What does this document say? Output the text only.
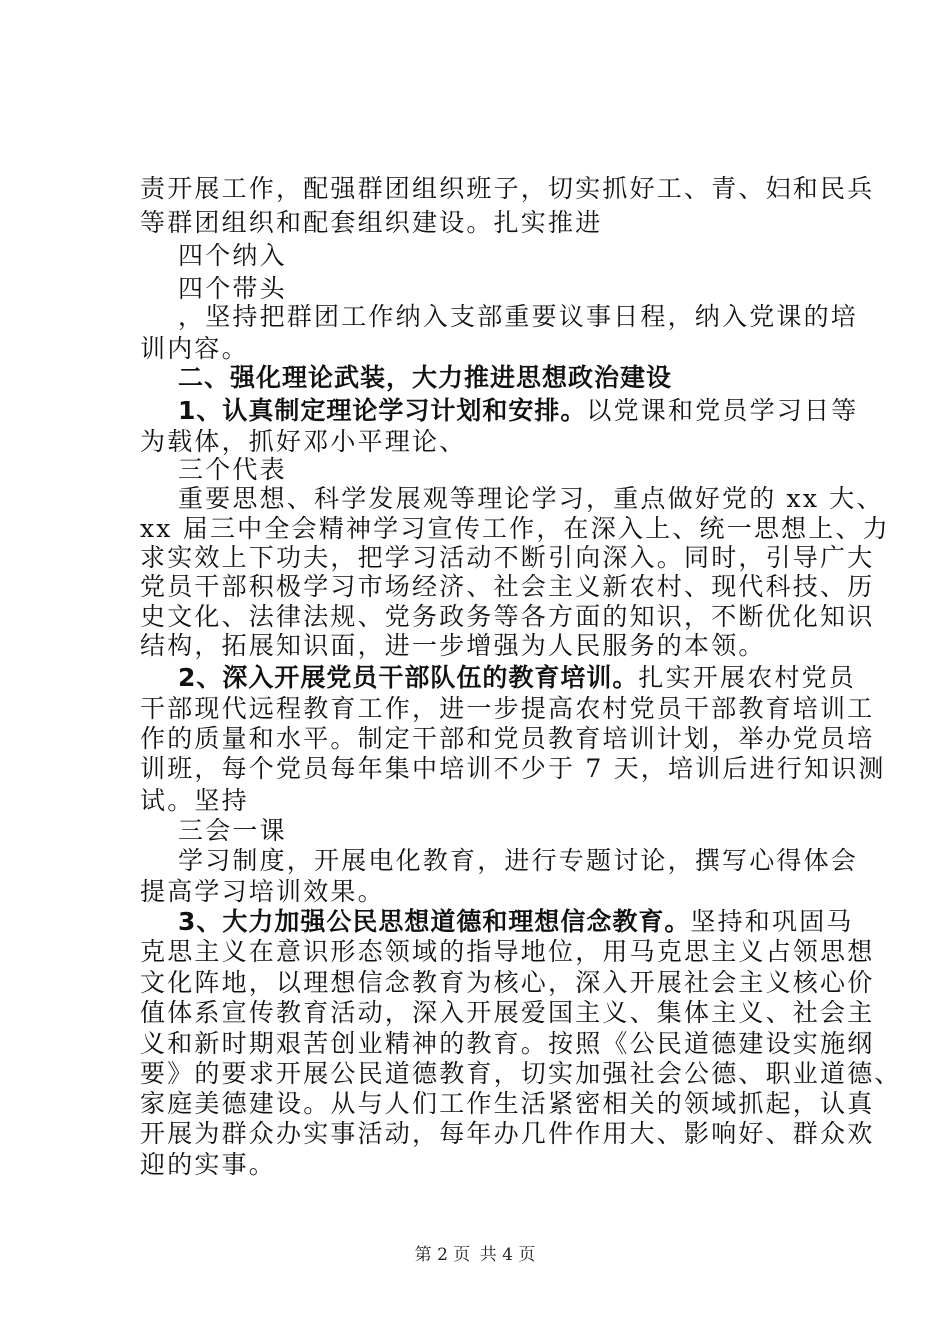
责开展工作，配强群团组织班子，切实抓好工、青、妇和民兵
等群团组织和配套组织建设。扎实推进
四个纳入
四个带头
，坚持把群团工作纳入支部重要议事日程，纳入党课的培
训内容。
二、强化理论武装，大力推进思想政治建设
1、认真制定理论学习计划和安排。以党课和党员学习日等
为载体，抓好邓小平理论、
三个代表
重要思想、科学发展观等理论学习，重点做好党的 xx 大、
xx 届三中全会精神学习宣传工作，在深入上、统一思想上、力
求实效上下功夫，把学习活动不断引向深入。同时，引导广大
党员干部积极学习市场经济、社会主义新农村、现代科技、历
史文化、法律法规、党务政务等各方面的知识，不断优化知识
结构，拓展知识面，进一步增强为人民服务的本领。
2、深入开展党员干部队伍的教育培训。扎实开展农村党员
干部现代远程教育工作，进一步提高农村党员干部教育培训工
作的质量和水平。制定干部和党员教育培训计划，举办党员培
训班，每个党员每年集中培训不少于 7 天，培训后进行知识测
试。坚持
三会一课
学习制度，开展电化教育，进行专题讨论，撰写心得体会
提高学习培训效果。
3、大力加强公民思想道德和理想信念教育。坚持和巩固马
克思主义在意识形态领域的指导地位，用马克思主义占领思想
文化阵地，以理想信念教育为核心，深入开展社会主义核心价
值体系宣传教育活动，深入开展爱国主义、集体主义、社会主
义和新时期艰苦创业精神的教育。按照《公民道德建设实施纲
要》的要求开展公民道德教育，切实加强社会公德、职业道德、
家庭美德建设。从与人们工作生活紧密相关的领域抓起，认真
开展为群众办实事活动，每年办几件作用大、影响好、群众欢
迎的实事。
第 2 页 共 4 页
